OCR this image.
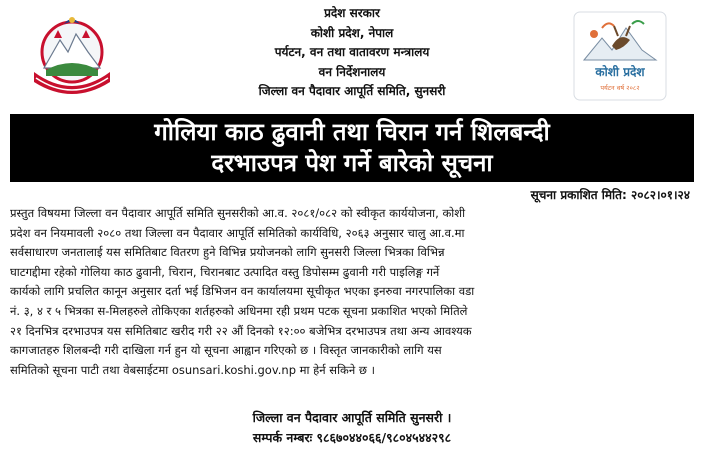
प्रदेश सरकार
कोशी प्रदेश, नेपाल
पर्यटन, वन तथा वातावरण मन्त्रालय
वन निर्देशनालय
जिल्ला वन पैदावार आपूर्ति समिति, सुनसरी
कोशी प्रदेश
पर्यटन वर्ष २०८२
गोलिया काठ ढुवानी तथा चिरान गर्न शिलबन्दी
दरभाउपत्र पेश गर्ने बारेको सूचना
सूचना प्रकाशित मिति: २०८२।०१।२४
प्रस्तुत विषयमा जिल्ला वन पैदावार आपूर्ति समिति सुनसरीको आ.व. २०८१/०८२ को स्वीकृत कार्ययोजना, कोशी
प्रदेश वन नियमावली २०८० तथा जिल्ला वन पैदावार आपूर्ति समितिको कार्यविधि, २०६३ अनुसार चालु आ.व.मा
सर्वसाधारण जनतालाई यस समितिबाट वितरण हुने विभिन्न प्रयोजनको लागि सुनसरी जिल्ला भित्रका विभिन्न
घाटगद्दीमा रहेको गोलिया काठ ढुवानी, चिरान, चिरानबाट उत्पादित वस्तु डिपोसम्म ढुवानी गरी पाइलिङ्ग गर्ने
कार्यको लागि प्रचलित कानून अनुसार दर्ता भई डिभिजन वन कार्यालयमा सूचीकृत भएका इनरुवा नगरपालिका वडा
नं. ३, ४ र ५ भित्रका स-मिलहरुले तोकिएका शर्तहरुको अधिनमा रही प्रथम पटक सूचना प्रकाशित भएको मितिले
२१ दिनभित्र दरभाउपत्र यस समितिबाट खरीद गरी २२ औं दिनको १२:०० बजेभित्र दरभाउपत्र तथा अन्य आवश्यक
कागजातहरु शिलबन्दी गरी दाखिला गर्न हुन यो सूचना आह्वान गरिएको छ । विस्तृत जानकारीको लागि यस
समितिको सूचना पाटी तथा वेबसाईटमा osunsari.koshi.gov.np मा हेर्न सकिने छ ।
जिल्ला वन पैदावार आपूर्ति समिति सुनसरी ।
सम्पर्क नम्बरः ९८६७०४४०६६/९८०४५४४२९८
